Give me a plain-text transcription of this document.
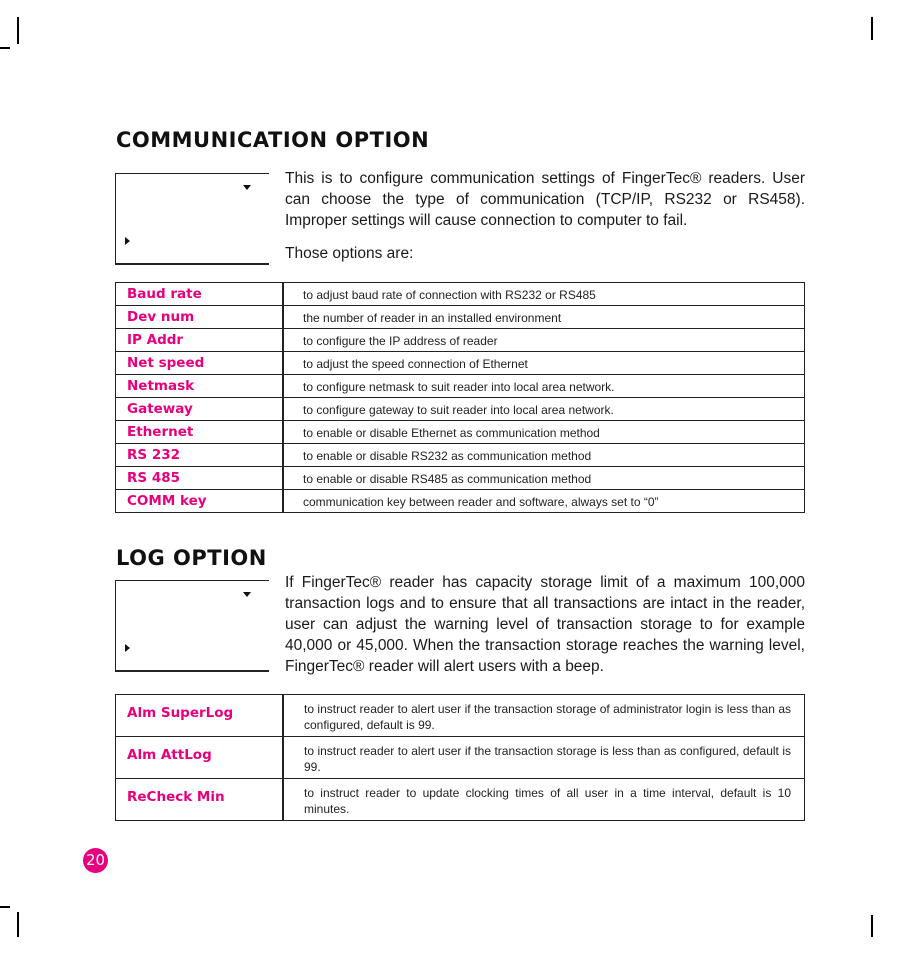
COMMUNICATION OPTION

This is to configure communication settings of FingerTec® readers. User can choose the type of communication (TCP/IP, RS232 or RS458). Improper settings will cause connection to computer to fail.

Those options are:

Baud rate	to adjust baud rate of connection with RS232 or RS485
Dev num	the number of reader in an installed environment
IP Addr	to configure the IP address of reader
Net speed	to adjust the speed connection of Ethernet
Netmask	to configure netmask to suit reader into local area network.
Gateway	to configure gateway to suit reader into local area network.
Ethernet	to enable or disable Ethernet as communication method
RS 232	to enable or disable RS232 as communication method
RS 485	to enable or disable RS485 as communication method
COMM key	communication key between reader and software, always set to “0”
LOG OPTION

If FingerTec® reader has capacity storage limit of a maximum 100,000 transaction logs and to ensure that all transactions are intact in the reader, user can adjust the warning level of transaction storage to for example 40,000 or 45,000. When the transaction storage reaches the warning level, FingerTec® reader will alert users with a beep.

Alm SuperLog	to instruct reader to alert user if the transaction storage of administrator login is less than as configured, default is 99.
Alm AttLog	to instruct reader to alert user if the transaction storage is less than as configured, default is 99.
ReCheck Min	to instruct reader to update clocking times of all user in a time interval, default is 10 minutes.
20
